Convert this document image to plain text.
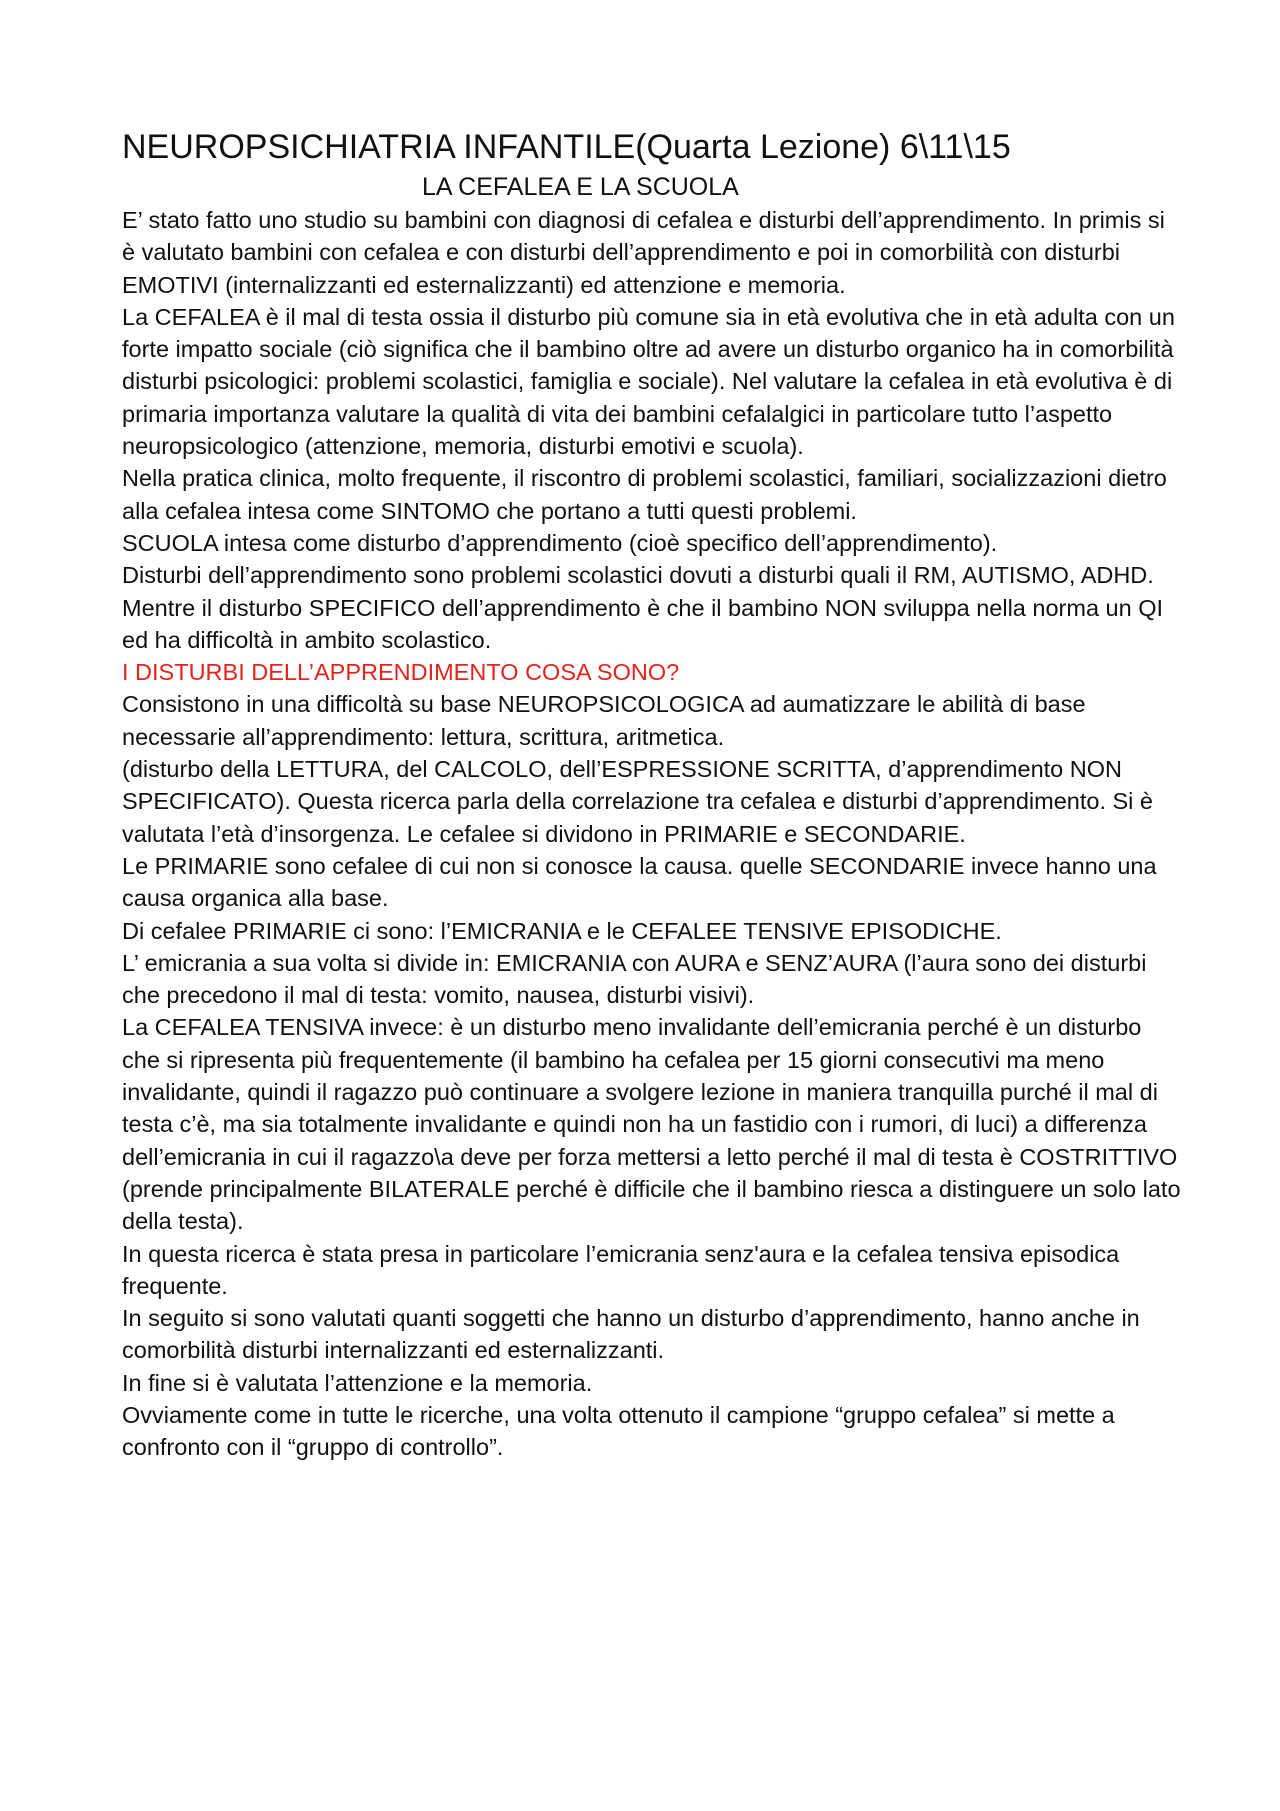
NEUROPSICHIATRIA INFANTILE(Quarta Lezione) 6\11\15
LA CEFALEA E LA SCUOLA

E’ stato fatto uno studio su bambini con diagnosi di cefalea e disturbi dell’apprendimento. In primis si è valutato bambini con cefalea e con disturbi dell’apprendimento e poi in comorbilità con disturbi EMOTIVI (internalizzanti ed esternalizzanti) ed attenzione e memoria.

La CEFALEA è il mal di testa ossia il disturbo più comune sia in età evolutiva che in età adulta con un forte impatto sociale (ciò significa che il bambino oltre ad avere un disturbo organico ha in comorbilità disturbi psicologici: problemi scolastici, famiglia e sociale). Nel valutare la cefalea in età evolutiva è di primaria importanza valutare la qualità di vita dei bambini cefalalgici in particolare tutto l’aspetto neuropsicologico (attenzione, memoria, disturbi emotivi e scuola).

Nella pratica clinica, molto frequente, il riscontro di problemi scolastici, familiari, socializzazioni dietro alla cefalea intesa come SINTOMO che portano a tutti questi problemi.

SCUOLA intesa come disturbo d’apprendimento (cioè specifico dell’apprendimento).

Disturbi dell’apprendimento sono problemi scolastici dovuti a disturbi quali il RM, AUTISMO, ADHD.

Mentre il disturbo SPECIFICO dell’apprendimento è che il bambino NON sviluppa nella norma un QI ed ha difficoltà in ambito scolastico.

I DISTURBI DELL’APPRENDIMENTO COSA SONO?

Consistono in una difficoltà su base NEUROPSICOLOGICA ad aumatizzare le abilità di base necessarie all’apprendimento: lettura, scrittura, aritmetica.

(disturbo della LETTURA, del CALCOLO, dell’ESPRESSIONE SCRITTA, d’apprendimento NON SPECIFICATO). Questa ricerca parla della correlazione tra cefalea e disturbi d’apprendimento. Si è valutata l’età d’insorgenza. Le cefalee si dividono in PRIMARIE e SECONDARIE.

Le PRIMARIE sono cefalee di cui non si conosce la causa. quelle SECONDARIE invece hanno una causa organica alla base.

Di cefalee PRIMARIE ci sono: l’EMICRANIA e le CEFALEE TENSIVE EPISODICHE.

L’ emicrania a sua volta si divide in: EMICRANIA con AURA e SENZ’AURA (l’aura sono dei disturbi che precedono il mal di testa: vomito, nausea, disturbi visivi).

La CEFALEA TENSIVA invece: è un disturbo meno invalidante dell’emicrania perché è un disturbo che si ripresenta più frequentemente (il bambino ha cefalea per 15 giorni consecutivi ma meno invalidante, quindi il ragazzo può continuare a svolgere lezione in maniera tranquilla purché il mal di testa c’è, ma sia totalmente invalidante e quindi non ha un fastidio con i rumori, di luci) a differenza dell’emicrania in cui il ragazzo\a deve per forza mettersi a letto perché il mal di testa è COSTRITTIVO (prende principalmente BILATERALE perché è difficile che il bambino riesca a distinguere un solo lato della testa).

In questa ricerca è stata presa in particolare l’emicrania senz'aura e la cefalea tensiva episodica frequente.

In seguito si sono valutati quanti soggetti che hanno un disturbo d’apprendimento, hanno anche in comorbilità disturbi internalizzanti ed esternalizzanti.

In fine si è valutata l’attenzione e la memoria.

Ovviamente come in tutte le ricerche, una volta ottenuto il campione “gruppo cefalea” si mette a confronto con il “gruppo di controllo”.
